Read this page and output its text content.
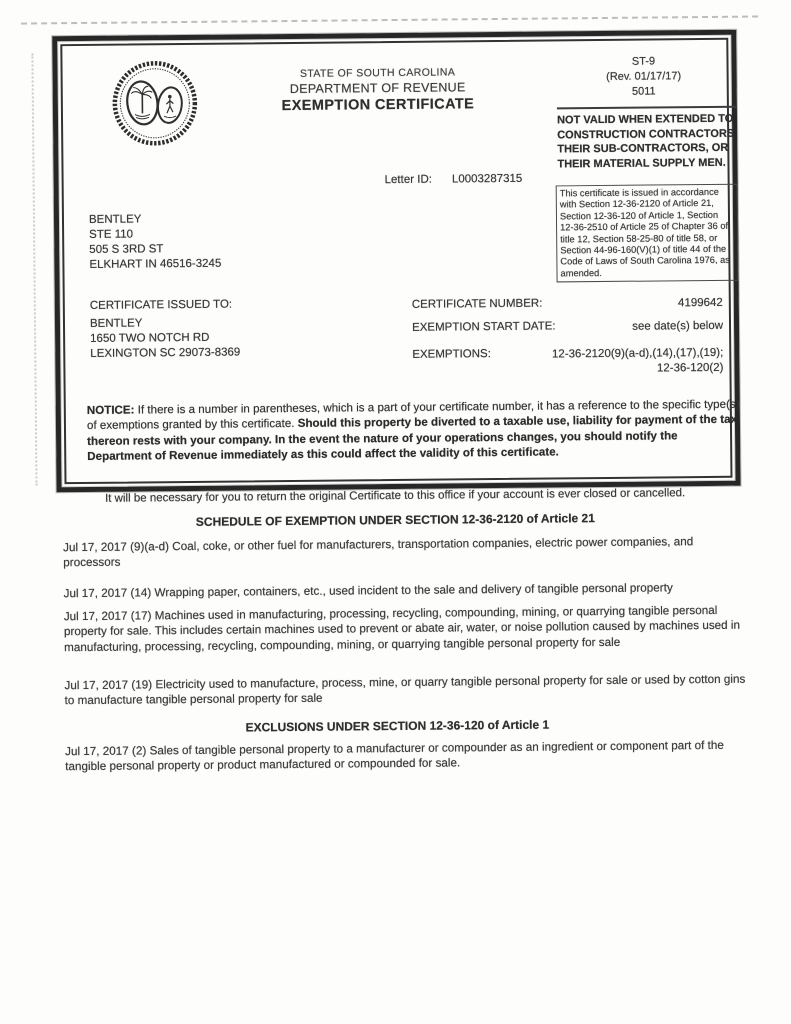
STATE OF SOUTH CAROLINA
DEPARTMENT OF REVENUE
EXEMPTION CERTIFICATE
ST-9
(Rev. 01/17/17)
5011
NOT VALID WHEN EXTENDED TO CONSTRUCTION CONTRACTORS THEIR SUB-CONTRACTORS, OR THEIR MATERIAL SUPPLY MEN.
Letter ID: L0003287315
This certificate is issued in accordance with Section 12-36-2120 of Article 21, Section 12-36-120 of Article 1, Section 12-36-2510 of Article 25 of Chapter 36 of title 12, Section 58-25-80 of title 58, or Section 44-96-160(V)(1) of title 44 of the Code of Laws of South Carolina 1976, as amended.
BENTLEY
STE 110
505 S 3RD ST
ELKHART IN 46516-3245
CERTIFICATE ISSUED TO:
BENTLEY
1650 TWO NOTCH RD
LEXINGTON SC 29073-8369
CERTIFICATE NUMBER:	4199642
EXEMPTION START DATE:	see date(s) below
EXEMPTIONS:	12-36-2120(9)(a-d),(14),(17),(19);
12-36-120(2)
NOTICE: If there is a number in parentheses, which is a part of your certificate number, it has a reference to the specific type(s) of exemptions granted by this certificate. Should this property be diverted to a taxable use, liability for payment of the tax thereon rests with your company. In the event the nature of your operations changes, you should notify the Department of Revenue immediately as this could affect the validity of this certificate.
It will be necessary for you to return the original Certificate to this office if your account is ever closed or cancelled.
SCHEDULE OF EXEMPTION UNDER SECTION 12-36-2120 of Article 21

Jul 17, 2017 (9)(a-d) Coal, coke, or other fuel for manufacturers, transportation companies, electric power companies, and processors

Jul 17, 2017 (14) Wrapping paper, containers, etc., used incident to the sale and delivery of tangible personal property

Jul 17, 2017 (17) Machines used in manufacturing, processing, recycling, compounding, mining, or quarrying tangible personal property for sale. This includes certain machines used to prevent or abate air, water, or noise pollution caused by machines used in manufacturing, processing, recycling, compounding, mining, or quarrying tangible personal property for sale

Jul 17, 2017 (19) Electricity used to manufacture, process, mine, or quarry tangible personal property for sale or used by cotton gins to manufacture tangible personal property for sale

EXCLUSIONS UNDER SECTION 12-36-120 of Article 1

Jul 17, 2017 (2) Sales of tangible personal property to a manufacturer or compounder as an ingredient or component part of the tangible personal property or product manufactured or compounded for sale.
